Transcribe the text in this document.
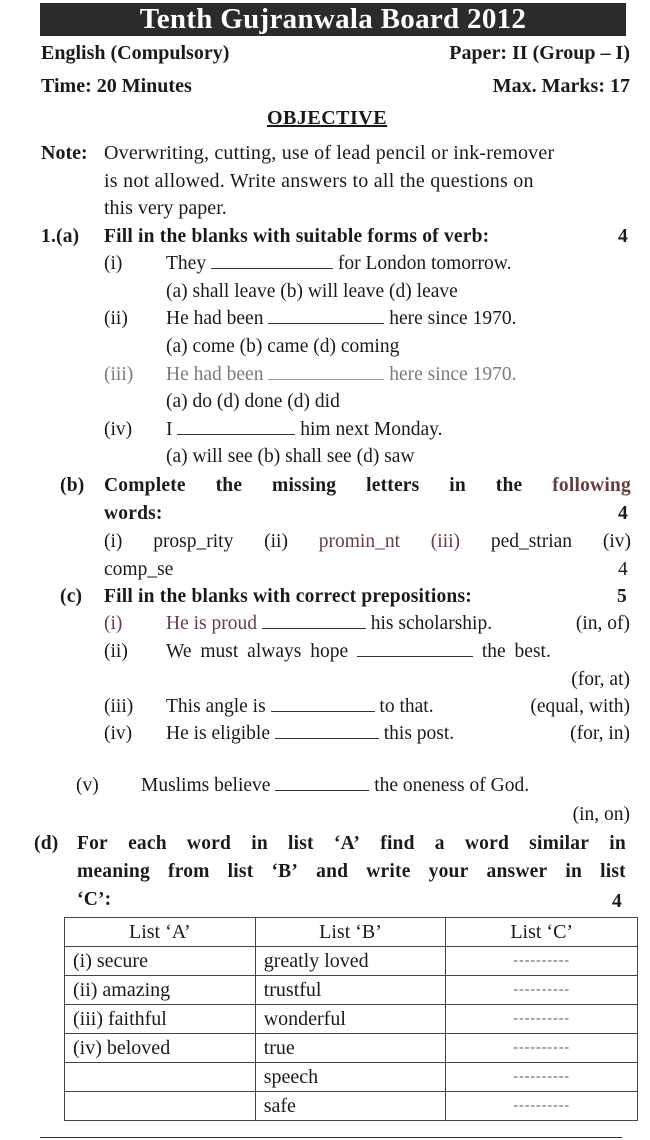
Tenth Gujranwala Board 2012
English (Compulsory)	Paper: II (Group – I)
Time: 20 Minutes	Max. Marks: 17
OBJECTIVE
Note: Overwriting, cutting, use of lead pencil or ink-remover
is not allowed. Write answers to all the questions on
this very paper.
1.(a) Fill in the blanks with suitable forms of verb:	4
(i) They	for London tomorrow.
(a) shall leave (b) will leave (d) leave
(ii) He had been	here since 1970.
(a) come (b) came (d) coming
(iii) He had been	here since 1970.
(a) do (d) done (d) did
(iv) I	him next Monday.
(a) will see (b) shall see (d) saw
(b) Complete the missing letters in the following
words:	4
(i) prosp_rity (ii) promin_nt (iii) ped_strian (iv)
comp_se	4
(c) Fill in the blanks with correct prepositions:	5
(i) He is proud	his scholarship.	(in, of)
(ii) We must always hope	the best.
(for, at)
(iii) This angle is	to that.	(equal, with)
(iv) He is eligible	this post.	(for, in)
(v) Muslims believe	the oneness of God.
(in, on)
(d) For each word in list ‘A’ find a word similar in
meaning from list ‘B’ and write your answer in list
‘C’:	4
List ‘A’	List ‘B’	List ‘C’
(i) secure	greatly loved	----------
(ii) amazing	trustful	----------
(iii) faithful	wonderful	----------
(iv) beloved	true	----------
	speech	----------
	safe	----------
